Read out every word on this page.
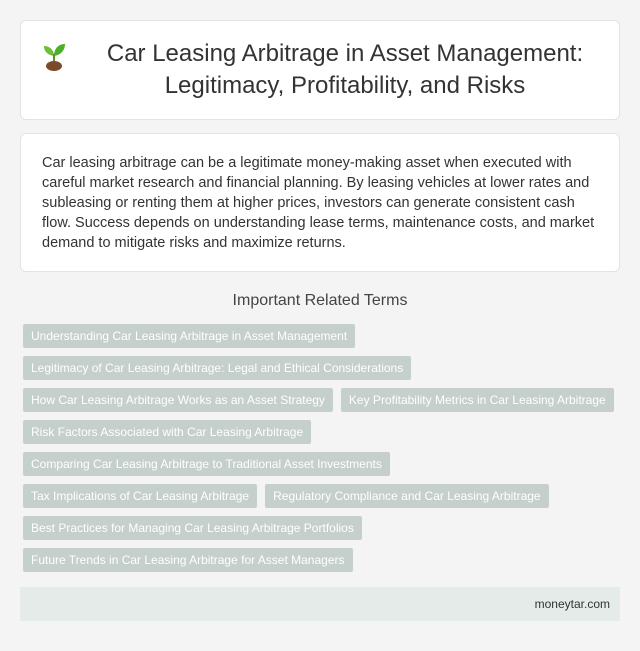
Car Leasing Arbitrage in Asset Management: Legitimacy, Profitability, and Risks

Car leasing arbitrage can be a legitimate money-making asset when executed with careful market research and financial planning. By leasing vehicles at lower rates and subleasing or renting them at higher prices, investors can generate consistent cash flow. Success depends on understanding lease terms, maintenance costs, and market demand to mitigate risks and maximize returns.

Important Related Terms
Understanding Car Leasing Arbitrage in Asset Management
Legitimacy of Car Leasing Arbitrage: Legal and Ethical Considerations
How Car Leasing Arbitrage Works as an Asset Strategy	Key Profitability Metrics in Car Leasing Arbitrage
Risk Factors Associated with Car Leasing Arbitrage
Comparing Car Leasing Arbitrage to Traditional Asset Investments
Tax Implications of Car Leasing Arbitrage	Regulatory Compliance and Car Leasing Arbitrage
Best Practices for Managing Car Leasing Arbitrage Portfolios
Future Trends in Car Leasing Arbitrage for Asset Managers
moneytar.com
